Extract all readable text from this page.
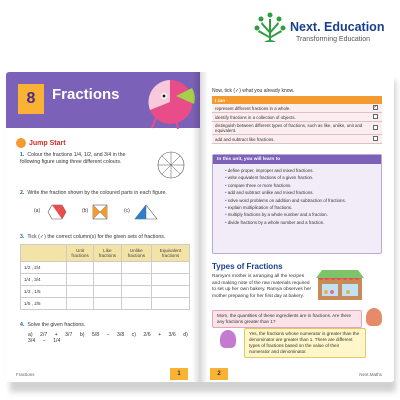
Next. Education
Transforming Education
8	Fractions
Jump Start
1. Colour the fractions 1/4, 1/2, and 3/4 in the following figure using three different colours.
2. Write the fraction shown by the coloured parts in each figure.
(a)	(b)	(c)
3. Tick (✓) the correct column(s) for the given sets of fractions.
	Unit fractions	Like fractions	Unlike fractions	Equivalent fractions
1/2 , 2/4				
1/4 , 3/4				
1/3 , 1/5				
1/5 , 2/5				
4. Solve the given fractions.
a) 2/7 + 3/7 b) 5/8 − 3/8 c) 2/6 + 3/6 d) 3/4 − 1/4
Fractions	1
Now, tick (✓) what you already know.
I can	
represent different fractions in a whole.	✓
identify fractions in a collection of objects.	
distinguish between different types of fractions, such as like, unlike, unit and equivalent.	
add and subtract like fractions.	
In this unit, you will learn to
• define proper, improper and mixed fractions.
• write equivalent fractions of a given fraction.
• compare three or more fractions.
• add and subtract unlike and mixed fractions.
• solve word problems on addition and subtraction of fractions.
• explain multiplication of fractions.
• multiply fractions by a whole number and a fraction.
• divide fractions by a whole number and a fraction.
Types of Fractions
Ramya's mother is arranging all the recipes and making note of the raw materials required to set up her own bakery. Ramya observes her mother preparing for her first day at bakery.
Mom, the quantities of these ingredients are in fractions. Are there any fractions greater than 1?
Yes, the fractions whose numerator is greater than the denominator are greater than 1. There are different types of fractions based on the value of their numerator and denominator.
2	Next.Maths
